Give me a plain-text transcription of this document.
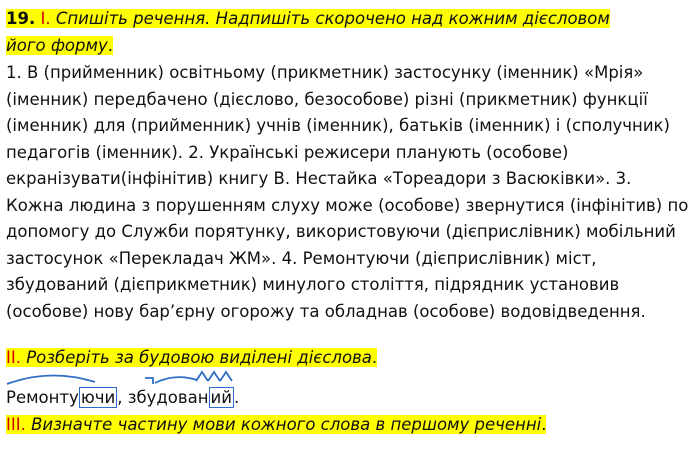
19. I. Спишіть речення. Надпишіть скорочено над кожним дієсловом
його форму.
1. В (прийменник) освітньому (прикметник) застосунку (іменник) «Мрія» (іменник) передбачено (дієслово, безособове) різні (прикметник) функції (іменник) для (прийменник) учнів (іменник), батьків (іменник) і (сполучник) педагогів (іменник). 2. Українські режисери планують (особове) екранізувати(інфінітив) книгу В. Нестайка «Тореадори з Васюківки». 3. Кожна людина з порушенням слуху може (особове) звернутися (інфінітив) по допомогу до Служби порятунку, використовуючи (дієприслівник) мобільний застосунок «Перекладач ЖМ». 4. Ремонтуючи (дієприслівник) міст, збудований (дієприкметник) минулого століття, підрядник установив (особове) нову бар’єрну огорожу та обладнав (особове) водовідведення.
II. Розберіть за будовою виділені дієслова.
Ремонту ючи , збудован ий .
III. Визначте частину мови кожного слова в першому реченні.
